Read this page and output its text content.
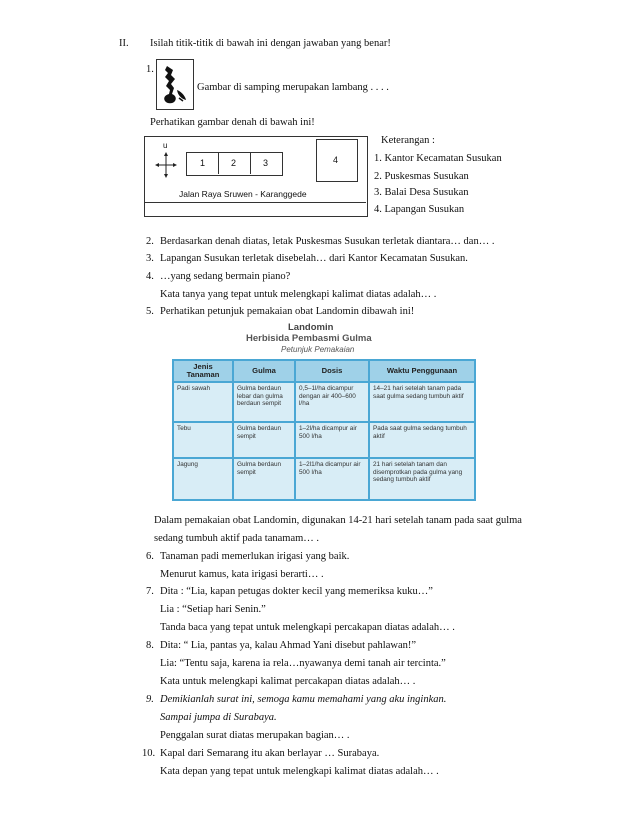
II. Isilah titik-titik di bawah ini dengan jawaban yang benar!
1.
Gambar di samping merupakan lambang . . . .
Perhatikan gambar denah di bawah ini!
u
1	2	3	4
Jalan Raya Sruwen - Karanggede
Keterangan :
1. Kantor Kecamatan Susukan
2. Puskesmas Susukan
3. Balai Desa Susukan
4. Lapangan Susukan
2. Berdasarkan denah diatas, letak Puskesmas Susukan terletak diantara… dan… .
3. Lapangan Susukan terletak disebelah… dari Kantor Kecamatan Susukan.
4. …yang sedang bermain piano?
Kata tanya yang tepat untuk melengkapi kalimat diatas adalah… .
5. Perhatikan petunjuk pemakaian obat Landomin dibawah ini!
Landomin
Herbisida Pembasmi Gulma
Petunjuk Pemakaian
Jenis Tanaman	Gulma	Dosis	Waktu Penggunaan
Padi sawah	Gulma berdaun lebar dan gulma berdaun sempit	0,5–1l/ha dicampur dengan air 400–600 l/ha	14–21 hari setelah tanam pada saat gulma sedang tumbuh aktif
Tebu	Gulma berdaun sempit	1–2l/ha dicampur air 500 l/ha	Pada saat gulma sedang tumbuh aktif
Jagung	Gulma berdaun sempit	1–2l1/ha dicampur air 500 l/ha	21 hari setelah tanam dan disemprotkan pada gulma yang sedang tumbuh aktif
Dalam pemakaian obat Landomin, digunakan 14-21 hari setelah tanam pada saat gulma
sedang tumbuh aktif pada tanamam… .
6. Tanaman padi memerlukan irigasi yang baik.
Menurut kamus, kata irigasi berarti… .
7. Dita : “Lia, kapan petugas dokter kecil yang memeriksa kuku…”
Lia : “Setiap hari Senin.”
Tanda baca yang tepat untuk melengkapi percakapan diatas adalah… .
8. Dita: “ Lia, pantas ya, kalau Ahmad Yani disebut pahlawan!”
Lia: “Tentu saja, karena ia rela…nyawanya demi tanah air tercinta.”
Kata untuk melengkapi kalimat percakapan diatas adalah… .
9. Demikianlah surat ini, semoga kamu memahami yang aku inginkan.
Sampai jumpa di Surabaya.
Penggalan surat diatas merupakan bagian… .
10. Kapal dari Semarang itu akan berlayar … Surabaya.
Kata depan yang tepat untuk melengkapi kalimat diatas adalah… .
